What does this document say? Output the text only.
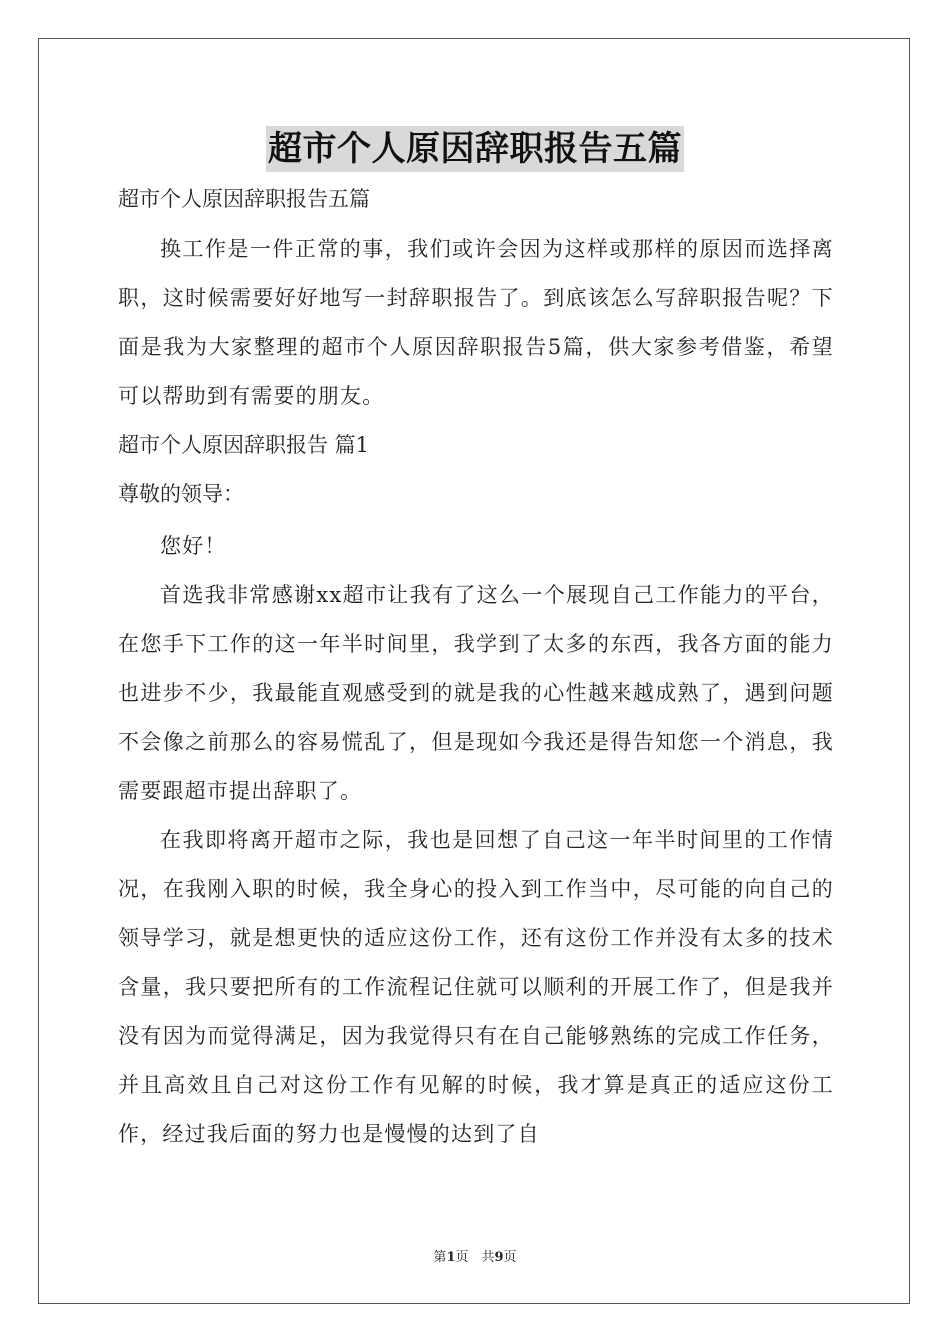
超市个人原因辞职报告五篇

超市个人原因辞职报告五篇

换工作是一件正常的事，我们或许会因为这样或那样的原因而选择离职，这时候需要好好地写一封辞职报告了。到底该怎么写辞职报告呢？下面是我为大家整理的超市个人原因辞职报告5篇，供大家参考借鉴，希望可以帮助到有需要的朋友。

超市个人原因辞职报告 篇1

尊敬的领导：

您好！

首选我非常感谢xx超市让我有了这么一个展现自己工作能力的平台，在您手下工作的这一年半时间里，我学到了太多的东西，我各方面的能力也进步不少，我最能直观感受到的就是我的心性越来越成熟了，遇到问题不会像之前那么的容易慌乱了，但是现如今我还是得告知您一个消息，我需要跟超市提出辞职了。

在我即将离开超市之际，我也是回想了自己这一年半时间里的工作情况，在我刚入职的时候，我全身心的投入到工作当中，尽可能的向自己的领导学习，就是想更快的适应这份工作，还有这份工作并没有太多的技术含量，我只要把所有的工作流程记住就可以顺利的开展工作了，但是我并没有因为而觉得满足，因为我觉得只有在自己能够熟练的完成工作任务，并且高效且自己对这份工作有见解的时候，我才算是真正的适应这份工作，经过我后面的努力也是慢慢的达到了自

第1页　共9页
